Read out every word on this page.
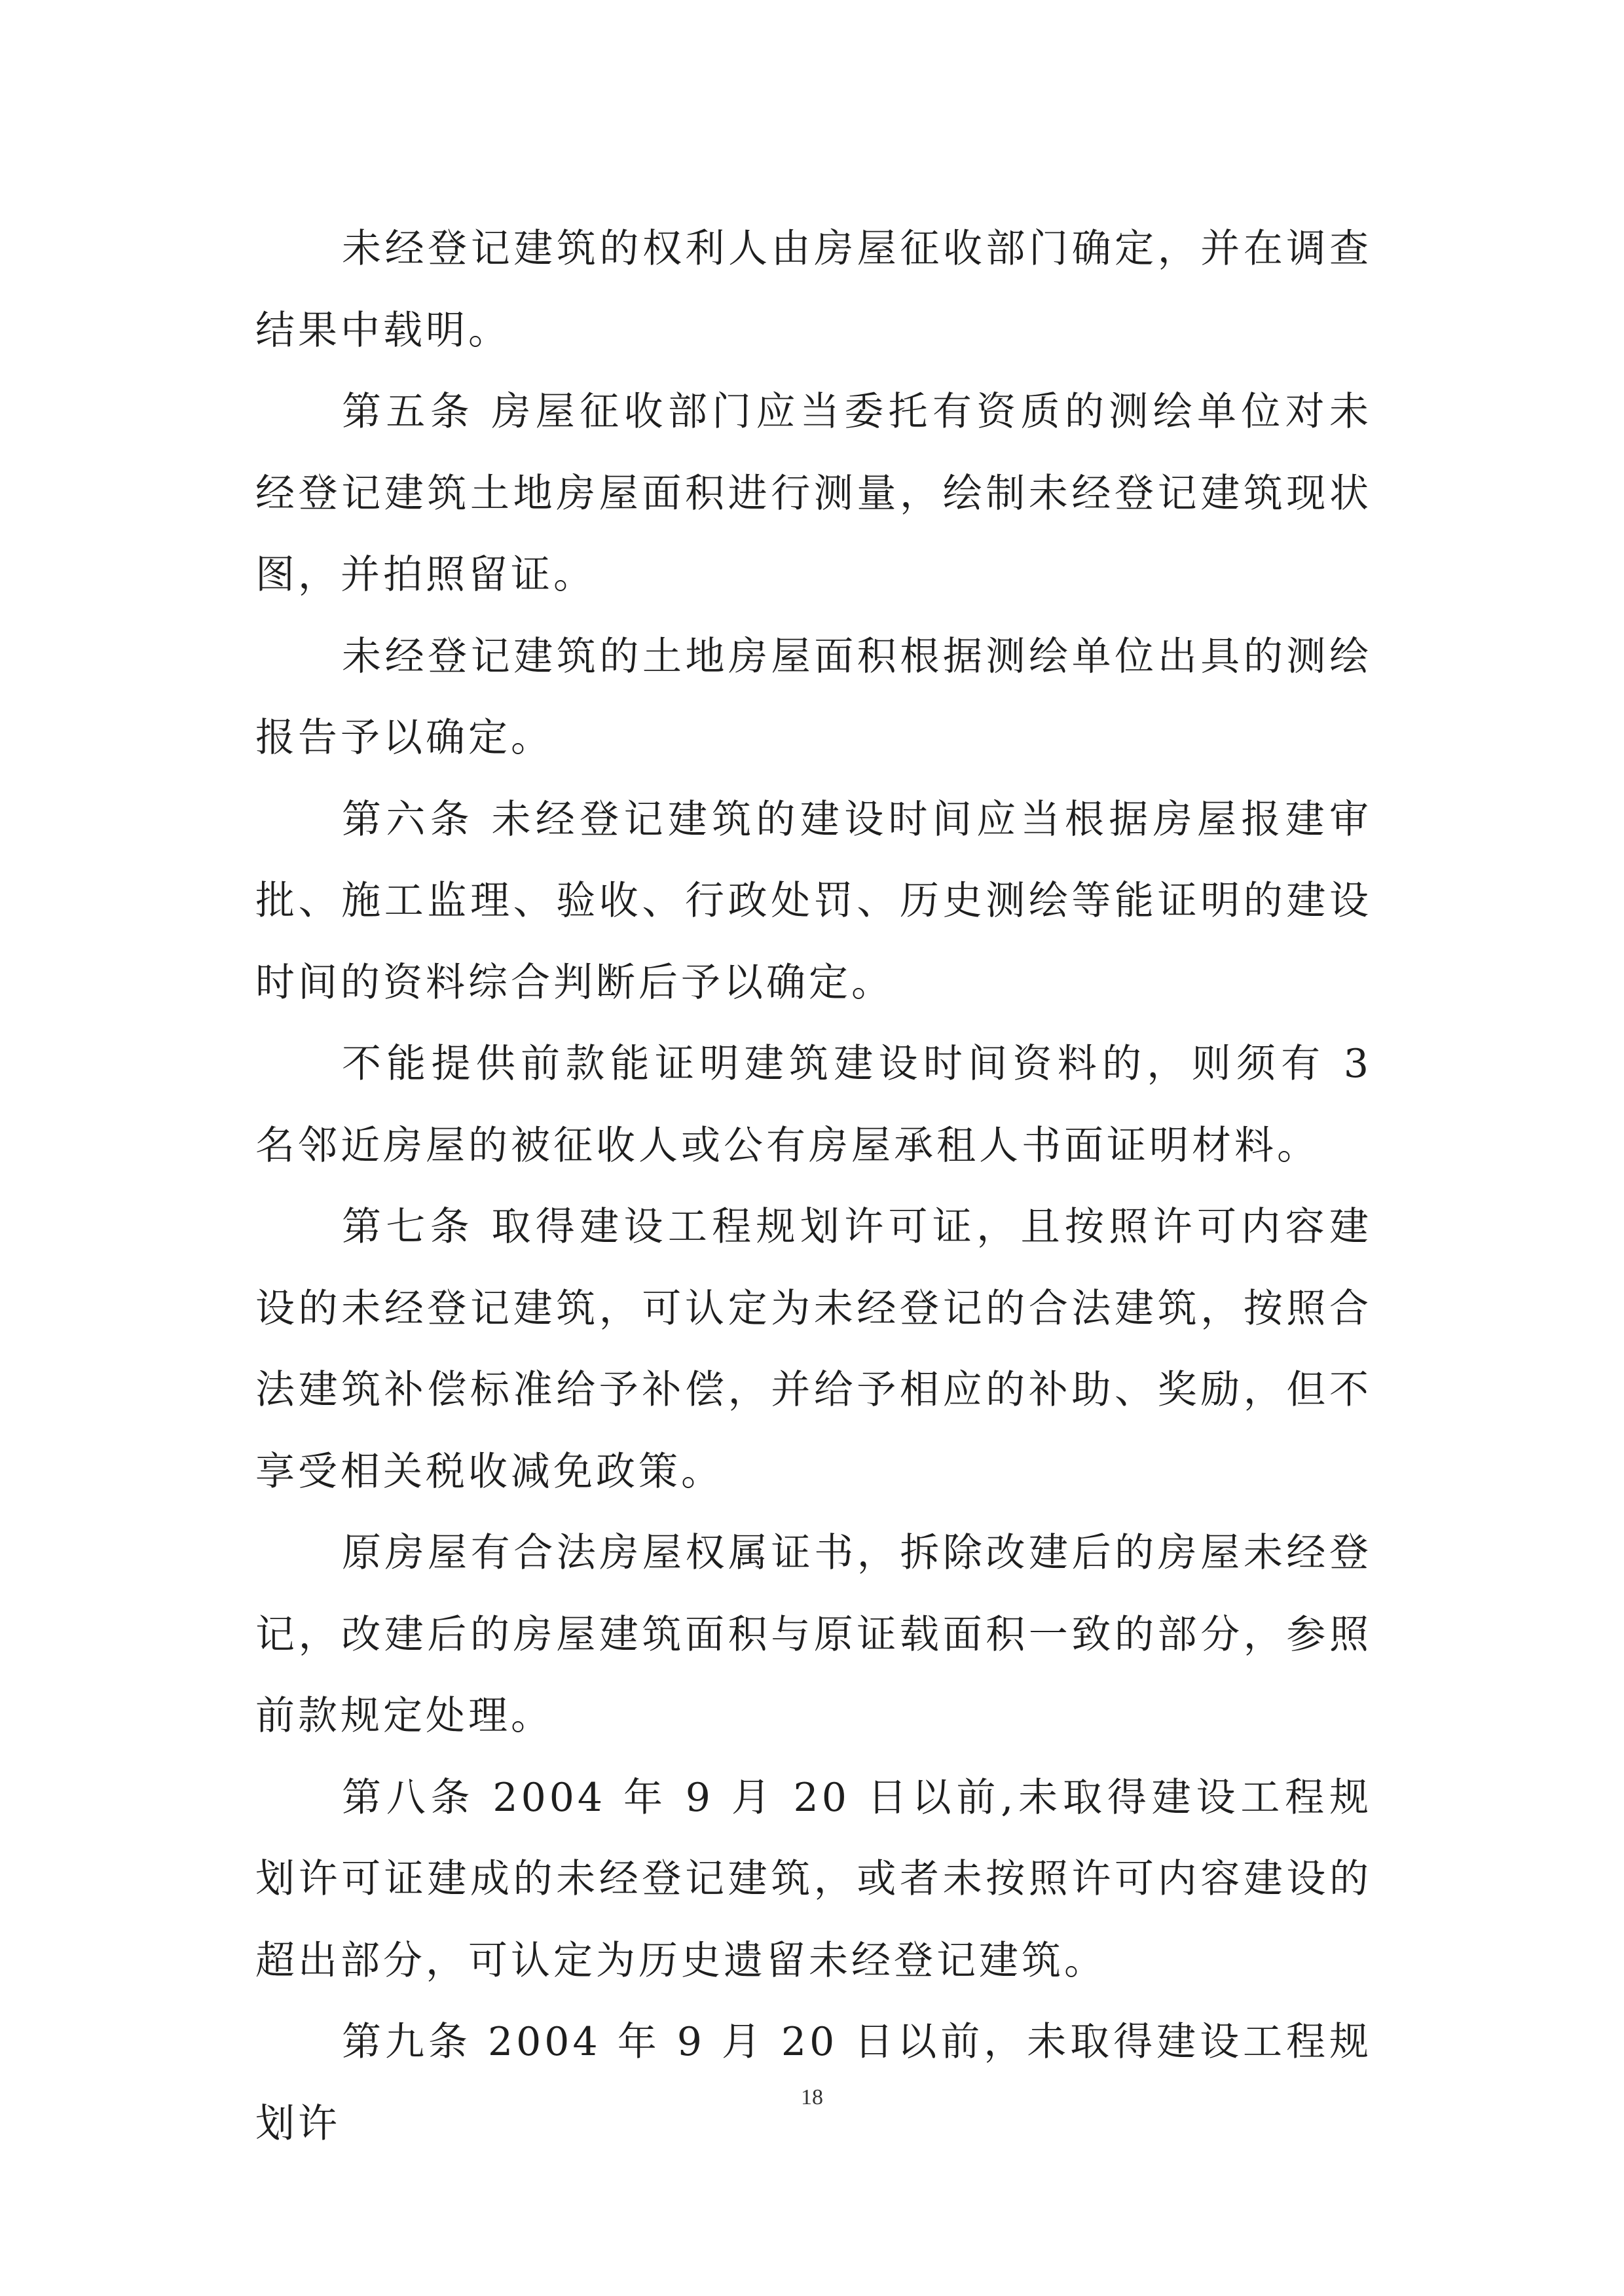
未经登记建筑的权利人由房屋征收部门确定，并在调查结果中载明。

第五条 房屋征收部门应当委托有资质的测绘单位对未经登记建筑土地房屋面积进行测量，绘制未经登记建筑现状图，并拍照留证。

未经登记建筑的土地房屋面积根据测绘单位出具的测绘报告予以确定。

第六条 未经登记建筑的建设时间应当根据房屋报建审批、施工监理、验收、行政处罚、历史测绘等能证明的建设时间的资料综合判断后予以确定。

不能提供前款能证明建筑建设时间资料的，则须有 3 名邻近房屋的被征收人或公有房屋承租人书面证明材料。

第七条 取得建设工程规划许可证，且按照许可内容建设的未经登记建筑，可认定为未经登记的合法建筑，按照合法建筑补偿标准给予补偿，并给予相应的补助、奖励，但不享受相关税收减免政策。

原房屋有合法房屋权属证书，拆除改建后的房屋未经登记，改建后的房屋建筑面积与原证载面积一致的部分，参照前款规定处理。

第八条 2004 年 9 月 20 日以前,未取得建设工程规划许可证建成的未经登记建筑，或者未按照许可内容建设的超出部分，可认定为历史遗留未经登记建筑。

第九条 2004 年 9 月 20 日以前，未取得建设工程规划许

18
